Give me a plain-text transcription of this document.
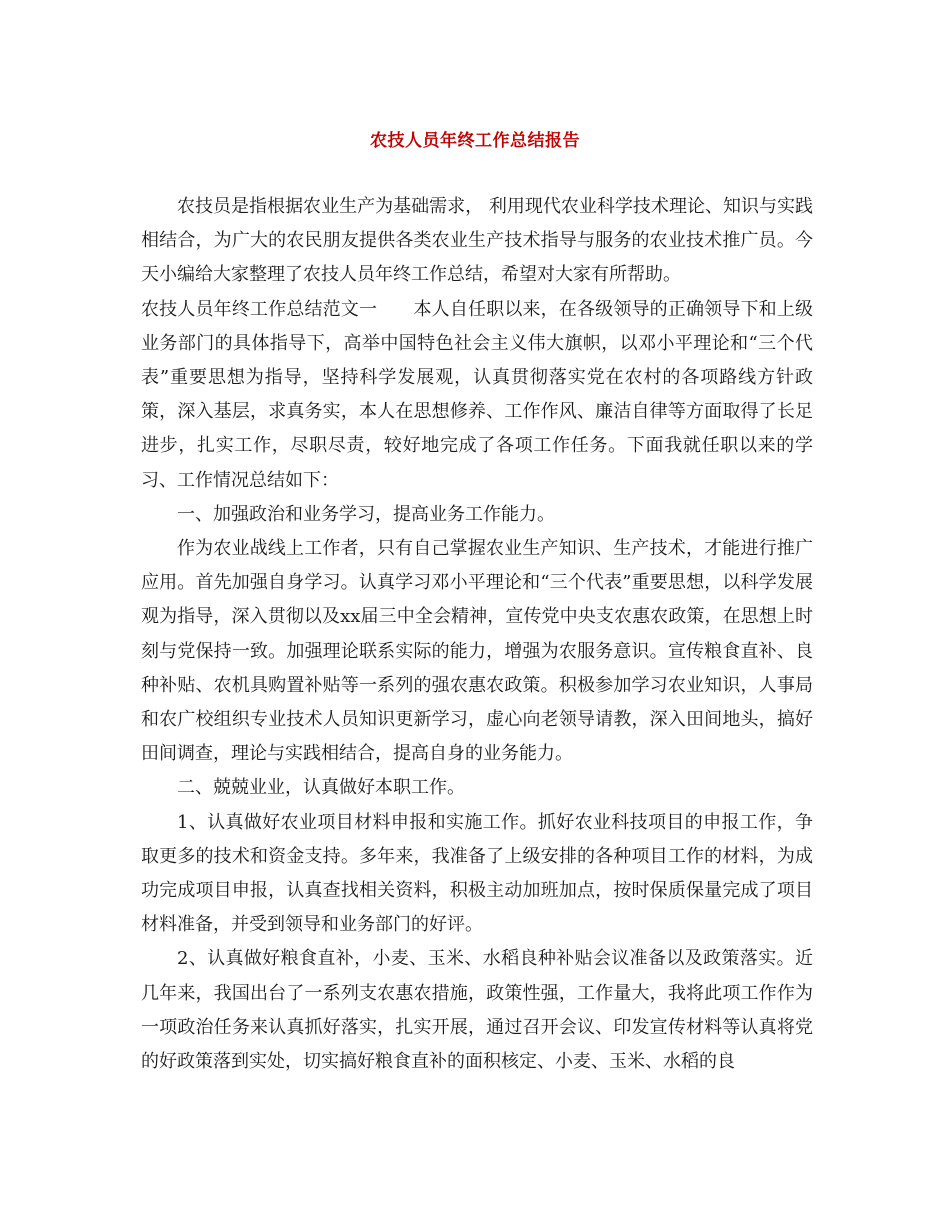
农技人员年终工作总结报告

农技员是指根据农业生产为基础需求， 利用现代农业科学技术理论、知识与实践相结合，为广大的农民朋友提供各类农业生产技术指导与服务的农业技术推广员。今天小编给大家整理了农技人员年终工作总结，希望对大家有所帮助。

农技人员年终工作总结范文一　　本人自任职以来，在各级领导的正确领导下和上级业务部门的具体指导下，高举中国特色社会主义伟大旗帜，以邓小平理论和“三个代表”重要思想为指导，坚持科学发展观，认真贯彻落实党在农村的各项路线方针政策，深入基层，求真务实，本人在思想修养、工作作风、廉洁自律等方面取得了长足进步，扎实工作，尽职尽责，较好地完成了各项工作任务。下面我就任职以来的学习、工作情况总结如下：

一、加强政治和业务学习，提高业务工作能力。

作为农业战线上工作者，只有自己掌握农业生产知识、生产技术，才能进行推广应用。首先加强自身学习。认真学习邓小平理论和“三个代表”重要思想，以科学发展观为指导，深入贯彻以及xx届三中全会精神，宣传党中央支农惠农政策，在思想上时刻与党保持一致。加强理论联系实际的能力，增强为农服务意识。宣传粮食直补、良种补贴、农机具购置补贴等一系列的强农惠农政策。积极参加学习农业知识，人事局和农广校组织专业技术人员知识更新学习，虚心向老领导请教，深入田间地头，搞好田间调查，理论与实践相结合，提高自身的业务能力。

二、兢兢业业，认真做好本职工作。

1、认真做好农业项目材料申报和实施工作。抓好农业科技项目的申报工作，争取更多的技术和资金支持。多年来，我准备了上级安排的各种项目工作的材料，为成功完成项目申报，认真查找相关资料，积极主动加班加点，按时保质保量完成了项目材料准备，并受到领导和业务部门的好评。

2、认真做好粮食直补，小麦、玉米、水稻良种补贴会议准备以及政策落实。近几年来，我国出台了一系列支农惠农措施，政策性强，工作量大，我将此项工作作为一项政治任务来认真抓好落实，扎实开展，通过召开会议、印发宣传材料等认真将党的好政策落到实处，切实搞好粮食直补的面积核定、小麦、玉米、水稻的良
